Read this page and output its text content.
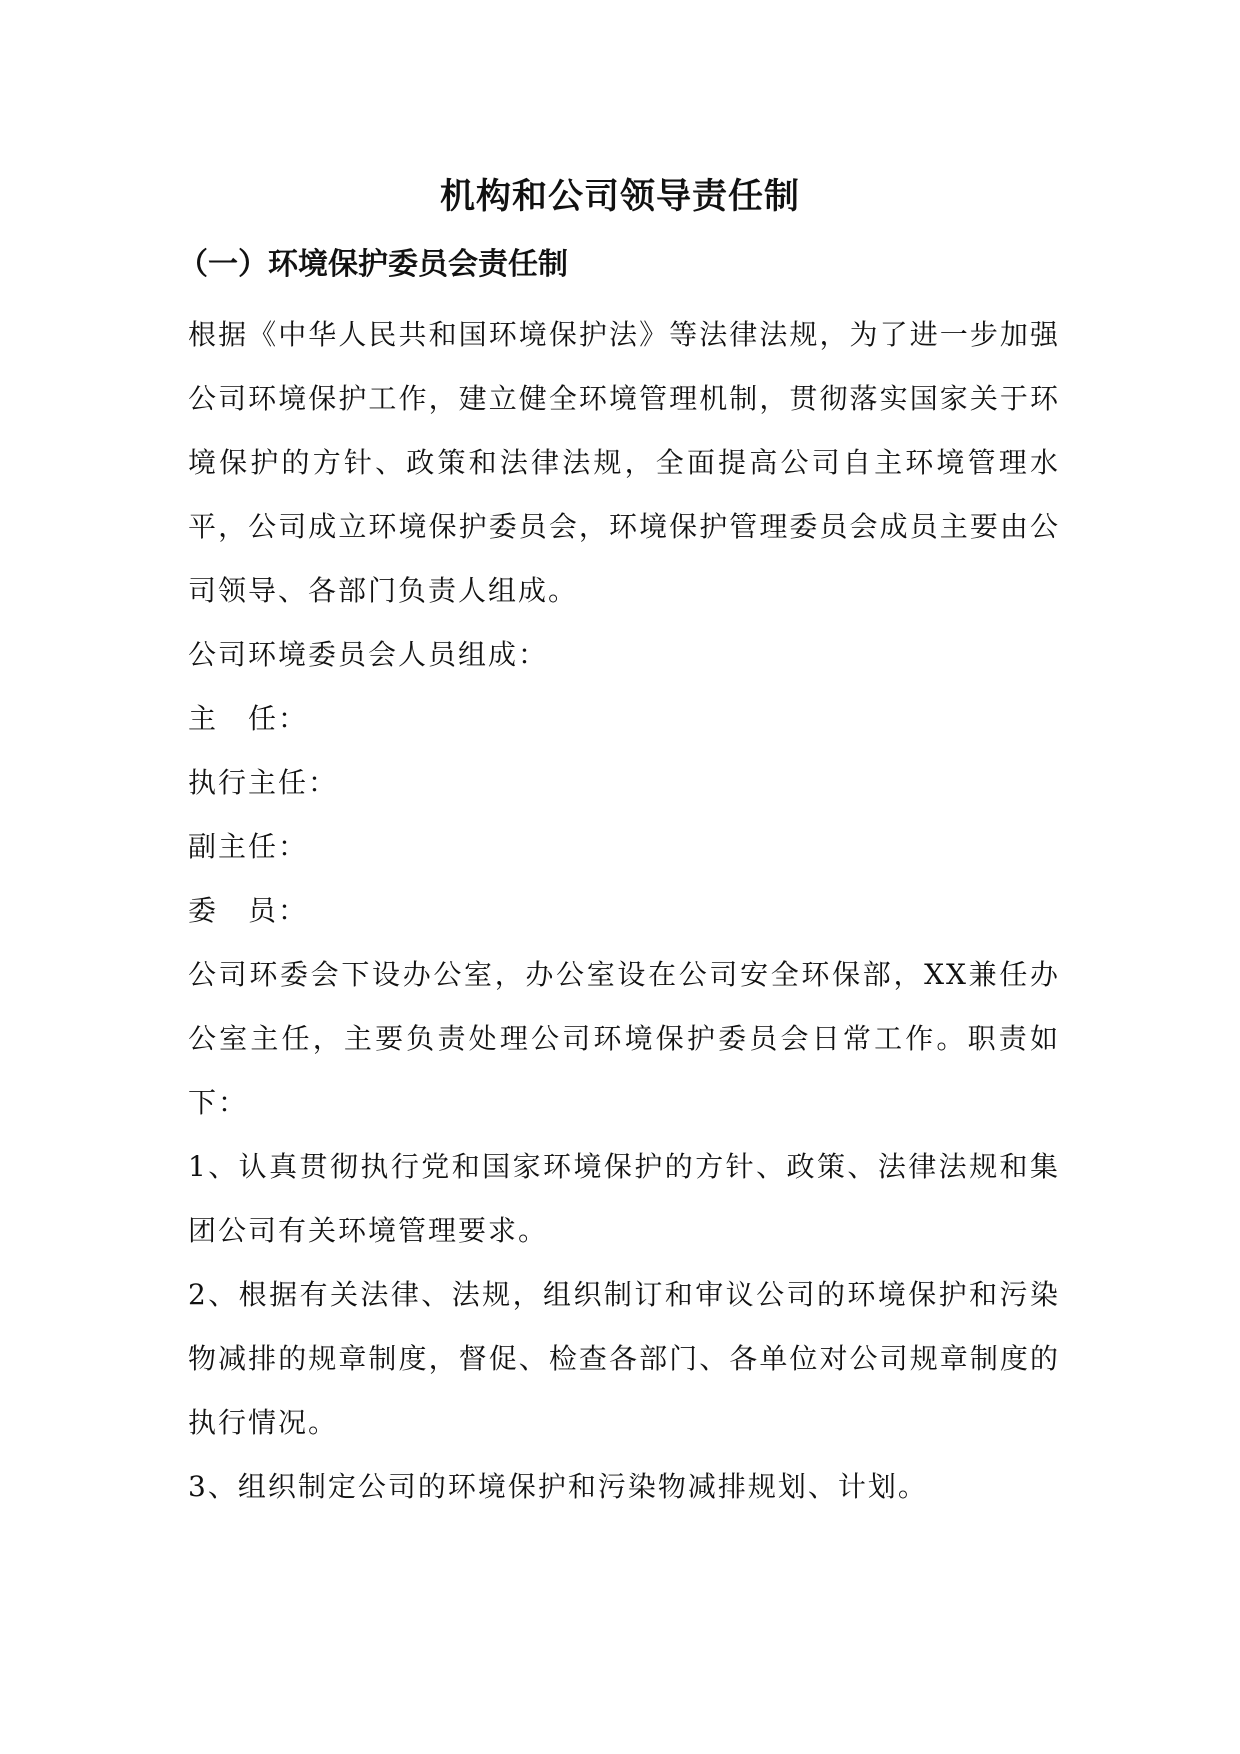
机构和公司领导责任制
（一）环境保护委员会责任制

根据《中华人民共和国环境保护法》等法律法规，为了进一步加强公司环境保护工作，建立健全环境管理机制，贯彻落实国家关于环境保护的方针、政策和法律法规，全面提高公司自主环境管理水平，公司成立环境保护委员会，环境保护管理委员会成员主要由公司领导、各部门负责人组成。

公司环境委员会人员组成：

主　任：

执行主任：

副主任：

委　员：

公司环委会下设办公室，办公室设在公司安全环保部，XX兼任办公室主任，主要负责处理公司环境保护委员会日常工作。职责如下：

1、认真贯彻执行党和国家环境保护的方针、政策、法律法规和集团公司有关环境管理要求。

2、根据有关法律、法规，组织制订和审议公司的环境保护和污染物减排的规章制度，督促、检查各部门、各单位对公司规章制度的执行情况。

3、组织制定公司的环境保护和污染物减排规划、计划。
